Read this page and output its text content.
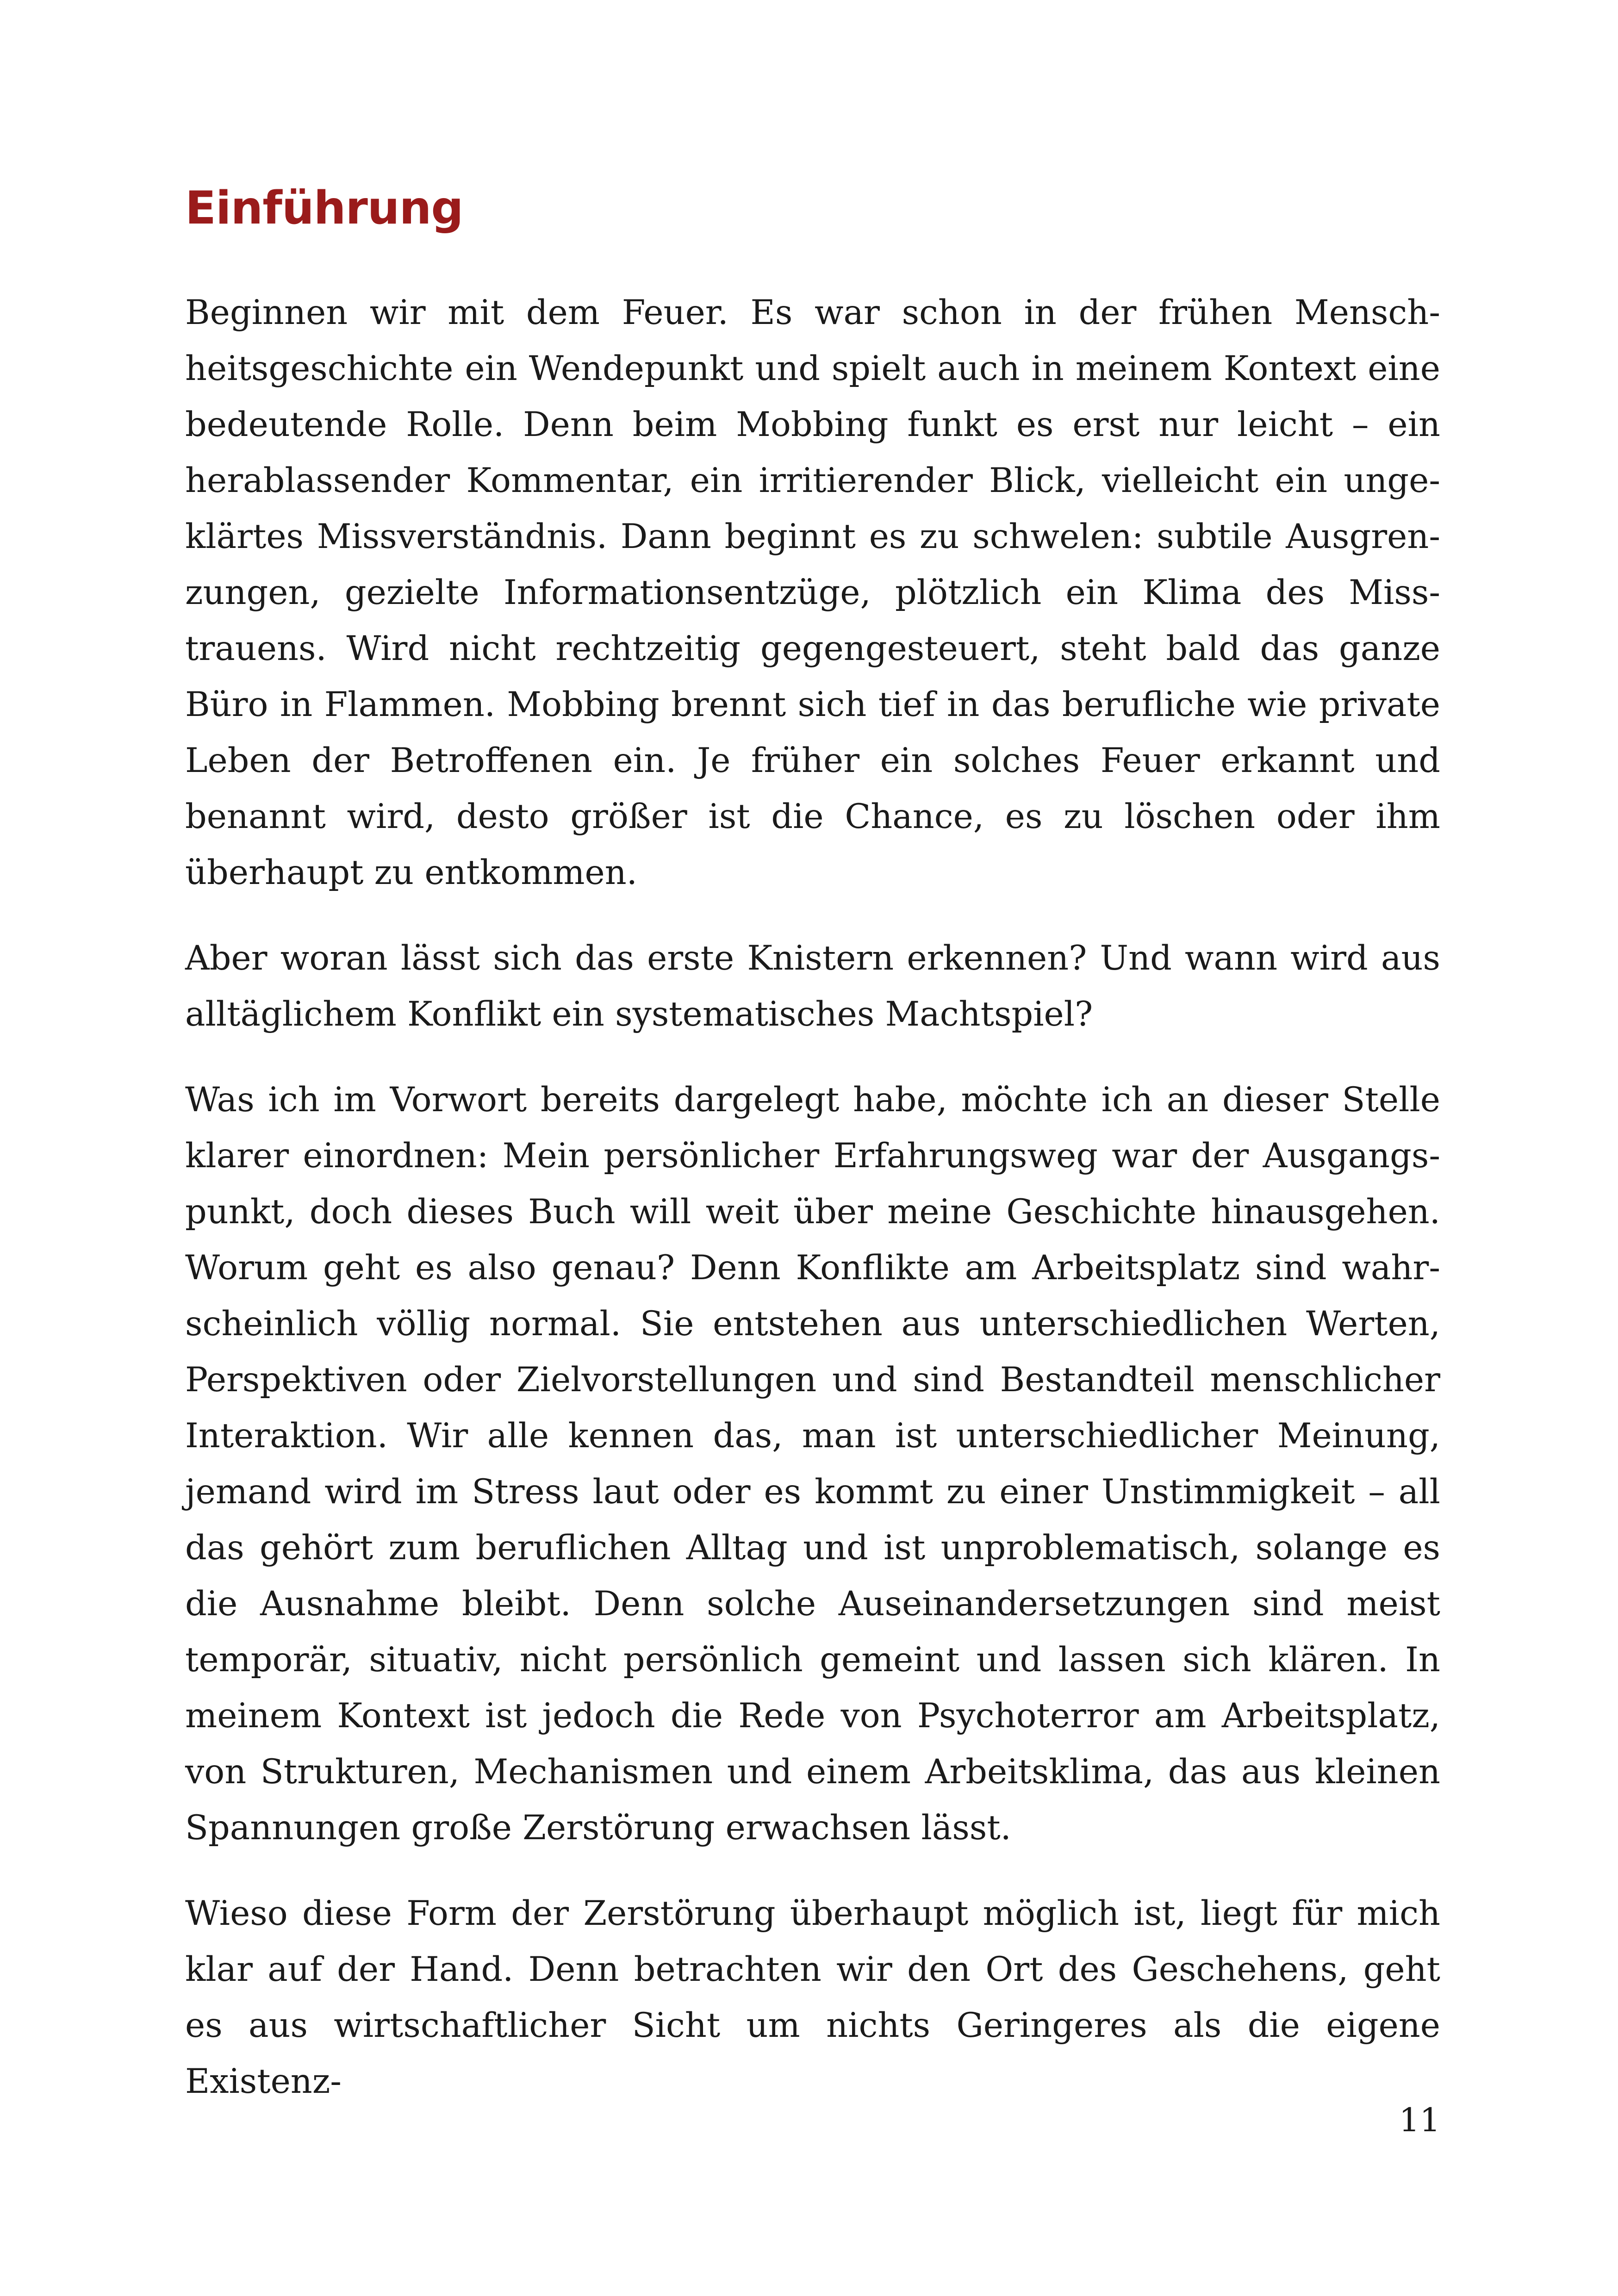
Einführung

Beginnen wir mit dem Feuer. Es war schon in der frühen Menschheitsgeschichte ein Wendepunkt und spielt auch in meinem Kontext eine bedeutende Rolle. Denn beim Mobbing funkt es erst nur leicht – ein herablassender Kommentar, ein irritierender Blick, vielleicht ein ungeklärtes Missverständnis. Dann beginnt es zu schwelen: subtile Ausgrenzungen, gezielte Informationsentzüge, plötzlich ein Klima des Misstrauens. Wird nicht rechtzeitig gegengesteuert, steht bald das ganze Büro in Flammen. Mobbing brennt sich tief in das berufliche wie private Leben der Betroffenen ein. Je früher ein solches Feuer erkannt und benannt wird, desto größer ist die Chance, es zu löschen oder ihm überhaupt zu entkommen.

Aber woran lässt sich das erste Knistern erkennen? Und wann wird aus alltäglichem Konflikt ein systematisches Machtspiel?

Was ich im Vorwort bereits dargelegt habe, möchte ich an dieser Stelle klarer einordnen: Mein persönlicher Erfahrungsweg war der Ausgangspunkt, doch dieses Buch will weit über meine Geschichte hinausgehen. Worum geht es also genau? Denn Konflikte am Arbeitsplatz sind wahrscheinlich völlig normal. Sie entstehen aus unterschiedlichen Werten, Perspektiven oder Zielvorstellungen und sind Bestandteil menschlicher Interaktion. Wir alle kennen das, man ist unterschiedlicher Meinung, jemand wird im Stress laut oder es kommt zu einer Unstimmigkeit – all das gehört zum beruflichen Alltag und ist unproblematisch, solange es die Ausnahme bleibt. Denn solche Auseinandersetzungen sind meist temporär, situativ, nicht persönlich gemeint und lassen sich klären. In meinem Kontext ist jedoch die Rede von Psychoterror am Arbeitsplatz, von Strukturen, Mechanismen und einem Arbeitsklima, das aus kleinen Spannungen große Zerstörung erwachsen lässt.

Wieso diese Form der Zerstörung überhaupt möglich ist, liegt für mich klar auf der Hand. Denn betrachten wir den Ort des Geschehens, geht es aus wirtschaftlicher Sicht um nichts Geringeres als die eigene Existenz-

11
